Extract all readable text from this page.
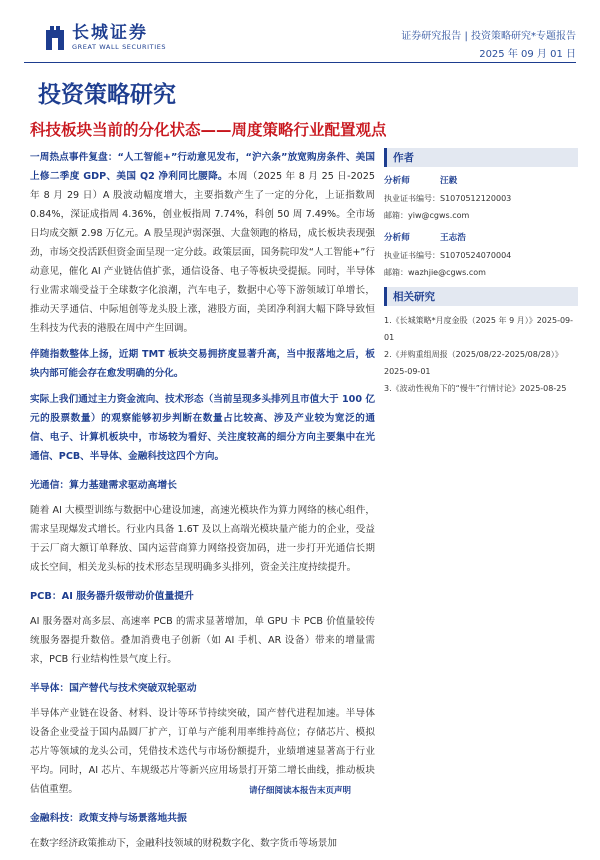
长城证券
GREAT WALL SECURITIES
证券研究报告 | 投资策略研究*专题报告
2025 年 09 月 01 日
投资策略研究
科技板块当前的分化状态——周度策略行业配置观点

一周热点事件复盘：“人工智能+”行动意见发布，“沪六条”放宽购房条件、美国上修二季度 GDP、美国 Q2 净利同比腰降。本周（2025 年 8 月 25 日-2025 年 8 月 29 日）A 股波动幅度增大，主要指数产生了一定的分化，上证指数周 0.84%，深证成指周 4.36%，创业板指周 7.74%，科创 50 周 7.49%。全市场日均成交额 2.98 万亿元。A 股呈现泸弱深强、大盘领跑的格局，成长板块表现强劲，市场交投活跃但资金面呈现一定分歧。政策层面，国务院印发“人工智能+”行动意见，催化 AI 产业链估值扩张，通信设备、电子等板块受提振。同时，半导体行业需求端受益于全球数字化浪潮，汽车电子，数据中心等下游领域订单增长，推动天孚通信、中际旭创等龙头股上涨，港股方面，美团净利润大幅下降导致恒生科技为代表的港股在周中产生回调。

伴随指数整体上扬，近期 TMT 板块交易拥挤度显著升高，当中报落地之后，板块内部可能会存在愈发明确的分化。

实际上我们通过主力资金流向、技术形态（当前呈现多头排列且市值大于 100 亿元的股票数量）的观察能够初步判断在数量占比较高、涉及产业较为宽泛的通信、电子、计算机板块中，市场较为看好、关注度较高的细分方向主要集中在光通信、PCB、半导体、金融科技这四个方向。

光通信：算力基建需求驱动高增长

随着 AI 大模型训练与数据中心建设加速，高速光模块作为算力网络的核心组件，需求呈现爆发式增长。行业内具备 1.6T 及以上高端光模块量产能力的企业，受益于云厂商大额订单释放、国内运营商算力网络投资加码，进一步打开光通信长期成长空间，相关龙头标的技术形态呈现明确多头排列，资金关注度持续提升。

PCB：AI 服务器升级带动价值量提升

AI 服务器对高多层、高速率 PCB 的需求显著增加，单 GPU 卡 PCB 价值量较传统服务器提升数倍。叠加消费电子创新（如 AI 手机、AR 设备）带来的增量需求，PCB 行业结构性景气度上行。

半导体：国产替代与技术突破双轮驱动

半导体产业链在设备、材料、设计等环节持续突破，国产替代进程加速。半导体设备企业受益于国内晶圆厂扩产，订单与产能利用率维持高位；存储芯片、模拟芯片等领域的龙头公司，凭借技术迭代与市场份额提升，业绩增速显著高于行业平均。同时，AI 芯片、车规级芯片等新兴应用场景打开第二增长曲线，推动板块估值重塑。

金融科技：政策支持与场景落地共振

在数字经济政策推动下，金融科技领域的财税数字化、数字货币等场景加

作者
分析师	汪毅
执业证书编号：S1070512120003
邮箱：yiw@cgws.com
分析师	王志浩
执业证书编号：S1070524070004
邮箱：wazhjie@cgws.com
相关研究
1.《长城策略*月度金股（2025 年 9 月）》2025-09-01
2.《并购重组周报（2025/08/22-2025/08/28）》2025-09-01
3.《波动性视角下的“慢牛”行情讨论》2025-08-25
请仔细阅读本报告末页声明
